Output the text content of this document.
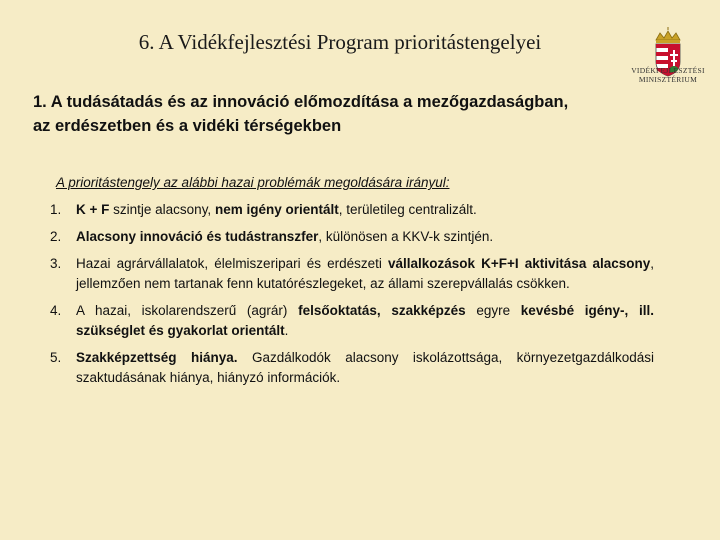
6. A Vidékfejlesztési Program prioritástengelyei
VIDÉKFEJLESZTÉSI
MINISZTÉRIUM
1. A tudásátadás és az innováció előmozdítása a mezőgazdaságban,
az erdészetben és a vidéki térségekben
A prioritástengely az alábbi hazai problémák megoldására irányul:
1. K + F szintje alacsony, nem igény orientált, területileg centralizált.
2. Alacsony innováció és tudástranszfer, különösen a KKV-k szintjén.
3. Hazai agrárvállalatok, élelmiszeripari és erdészeti vállalkozások K+F+I aktivitása alacsony, jellemzően nem tartanak fenn kutatórészlegeket, az állami szerepvállalás csökken.
4. A hazai, iskolarendszerű (agrár) felsőoktatás, szakképzés egyre kevésbé igény-, ill. szükséglet és gyakorlat orientált.
5. Szakképzettség hiánya. Gazdálkodók alacsony iskolázottsága, környezetgazdálkodási szaktudásának hiánya, hiányzó információk.
